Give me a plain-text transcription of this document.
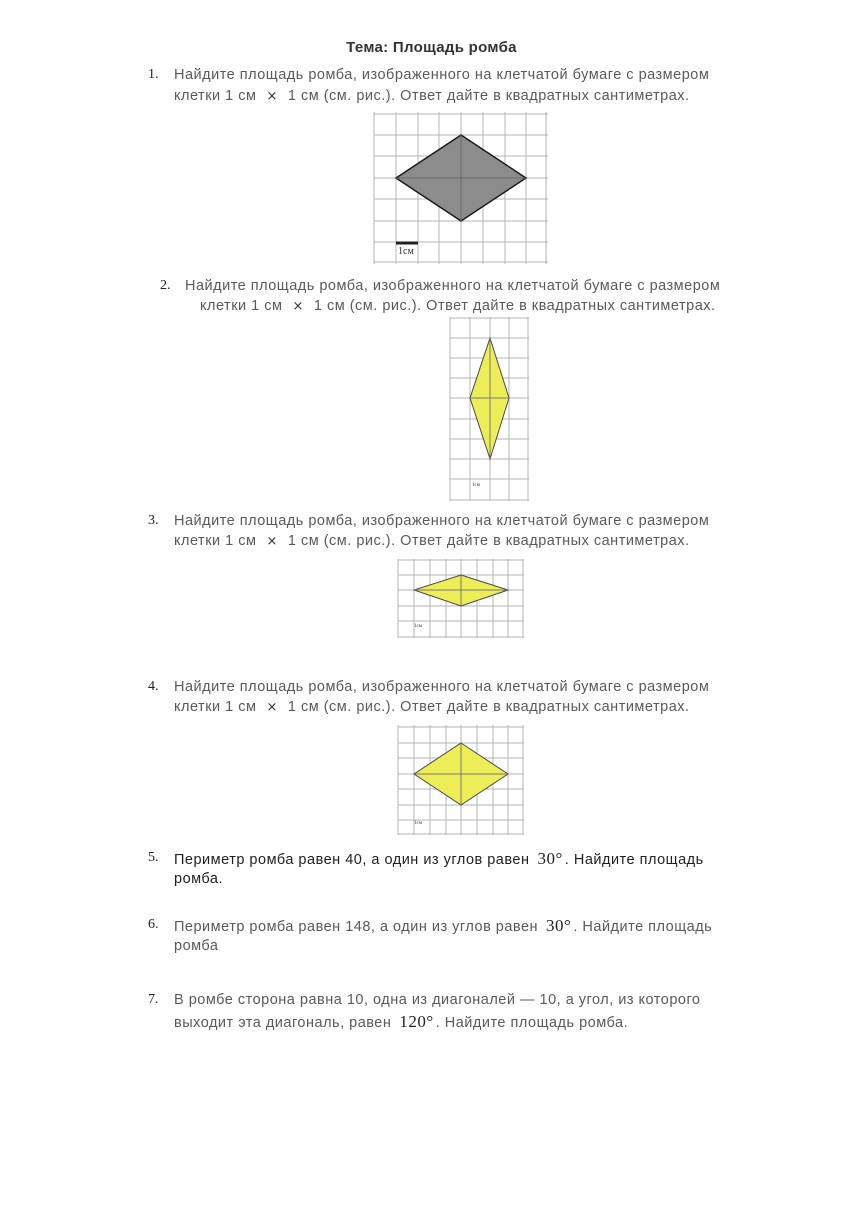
Тема: Площадь ромба
1. Найдите площадь ромба, изображенного на клетчатой бумаге с размером
клетки 1 см × 1 см (см. рис.). Ответ дайте в квадратных сантиметрах.
1см
2. Найдите площадь ромба, изображенного на клетчатой бумаге с размером
клетки 1 см × 1 см (см. рис.). Ответ дайте в квадратных сантиметрах.
1см
3. Найдите площадь ромба, изображенного на клетчатой бумаге с размером
клетки 1 см × 1 см (см. рис.). Ответ дайте в квадратных сантиметрах.
1см
4. Найдите площадь ромба, изображенного на клетчатой бумаге с размером
клетки 1 см × 1 см (см. рис.). Ответ дайте в квадратных сантиметрах.
1см
5. Периметр ромба равен 40, а один из углов равен 30° . Найдите площадь
ромба.
6. Периметр ромба равен 148, а один из углов равен 30° . Найдите площадь
ромба
7. В ромбе сторона равна 10, одна из диагоналей — 10, а угол, из которого
выходит эта диагональ, равен 120° . Найдите площадь ромба.
